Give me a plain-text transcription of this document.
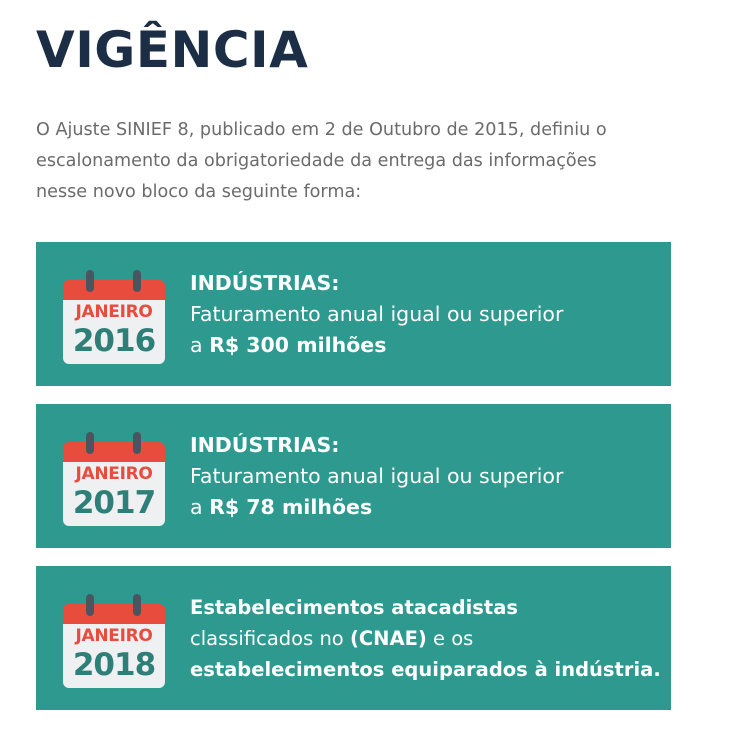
VIGÊNCIA

O Ajuste SINIEF 8, publicado em 2 de Outubro de 2015, definiu o
escalonamento da obrigatoriedade da entrega das informações
nesse novo bloco da seguinte forma:

JANEIRO
2016
INDÚSTRIAS:
Faturamento anual igual ou superior
a R$ 300 milhões
JANEIRO
2017
INDÚSTRIAS:
Faturamento anual igual ou superior
a R$ 78 milhões
JANEIRO
2018
Estabelecimentos atacadistas
classificados no (CNAE) e os
estabelecimentos equiparados à indústria.
